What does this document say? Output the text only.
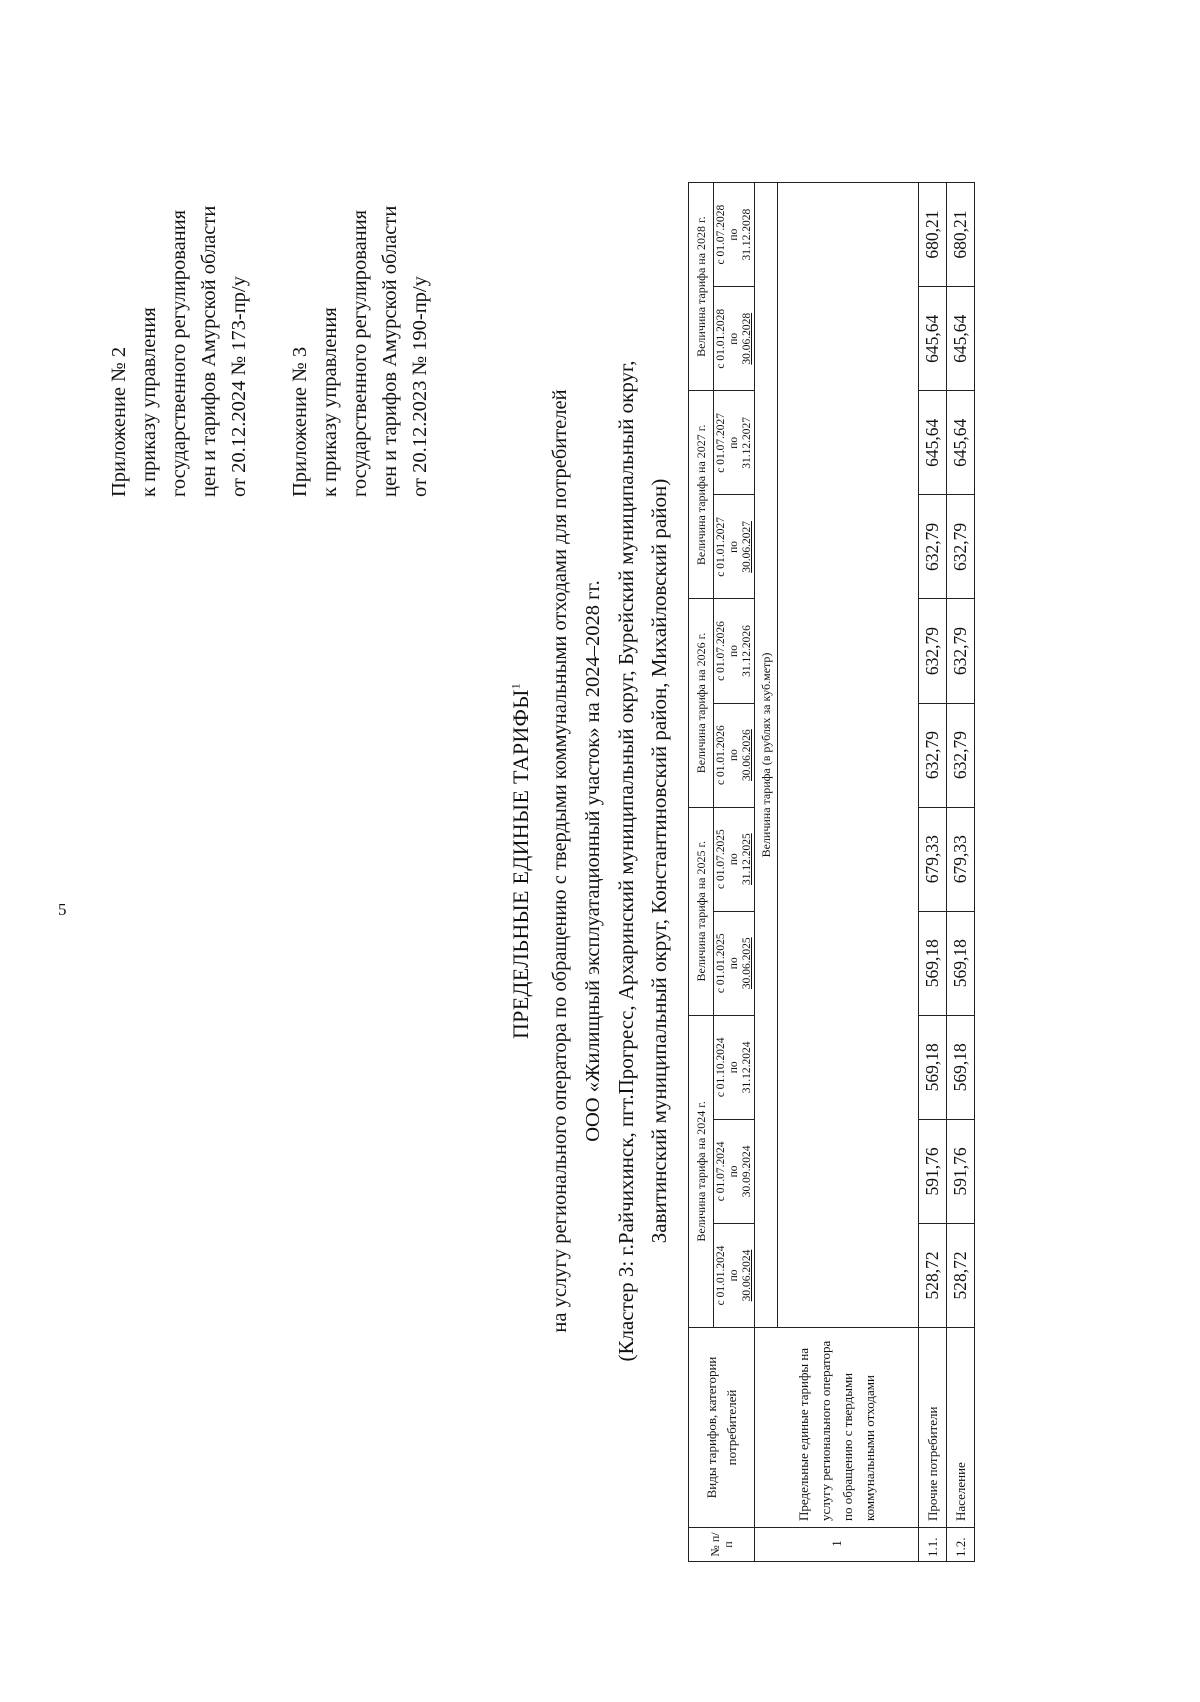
5
Приложение № 2 к приказу управления государственного регулирования цен и тарифов Амурской области от 20.12.2024 № 173-пр/у Приложение № 3 к приказу управления государственного регулирования цен и тарифов Амурской области от 20.12.2023 № 190-пр/у
ПРЕДЕЛЬНЫЕ ЕДИНЫЕ ТАРИФЫ$^1$	на услугу регионального оператора по обращению с твердыми коммунальными отходами для потребителей ООО «Жилищный эксплуатационный участок» на 2024–2028 гг. (Кластер 3: г.Райчихинск, пгт.Прогресс, Архаринский муниципальный округ, Бурейский муниципальный округ, Завитинский муниципальный округ, Константиновский район, Михайловский район)
№ п/п	Виды тарифов, категории потребителей	Величина тарифа на 2024 г.			Величина тарифа на 2025 г.		Величина тарифа на 2026 г.		Величина тарифа на 2027 г.		Величина тарифа на 2028 г.	

		с 01.01.2024 по 30.06.2024	с 01.07.2024 по 30.09.2024	с 01.10.2024 по 31.12.2024	с 01.01.2025 по 30.06.2025	с 01.07.2025 по 31.12.2025	с 01.01.2026 по 30.06.2026	с 01.07.2026 по 31.12.2026	с 01.01.2027 по 30.06.2027	с 01.07.2027 по 31.12.2027	с 01.01.2028 по 30.06.2028	с 01.07.2028 по 31.12.2028

1	Предельные единые тарифы на услугу регионального оператора по обращению с твердыми коммунальными отходами	Величина тарифа (в рублях за куб.метр)										

1.1.	Прочие потребители	528,72	591,76	569,18	569,18	679,33	632,79	632,79	632,79	645,64	645,64	680,21
1.2.	Население	528,72	591,76	569,18	569,18	679,33	632,79	632,79	632,79	645,64	645,64	680,21
